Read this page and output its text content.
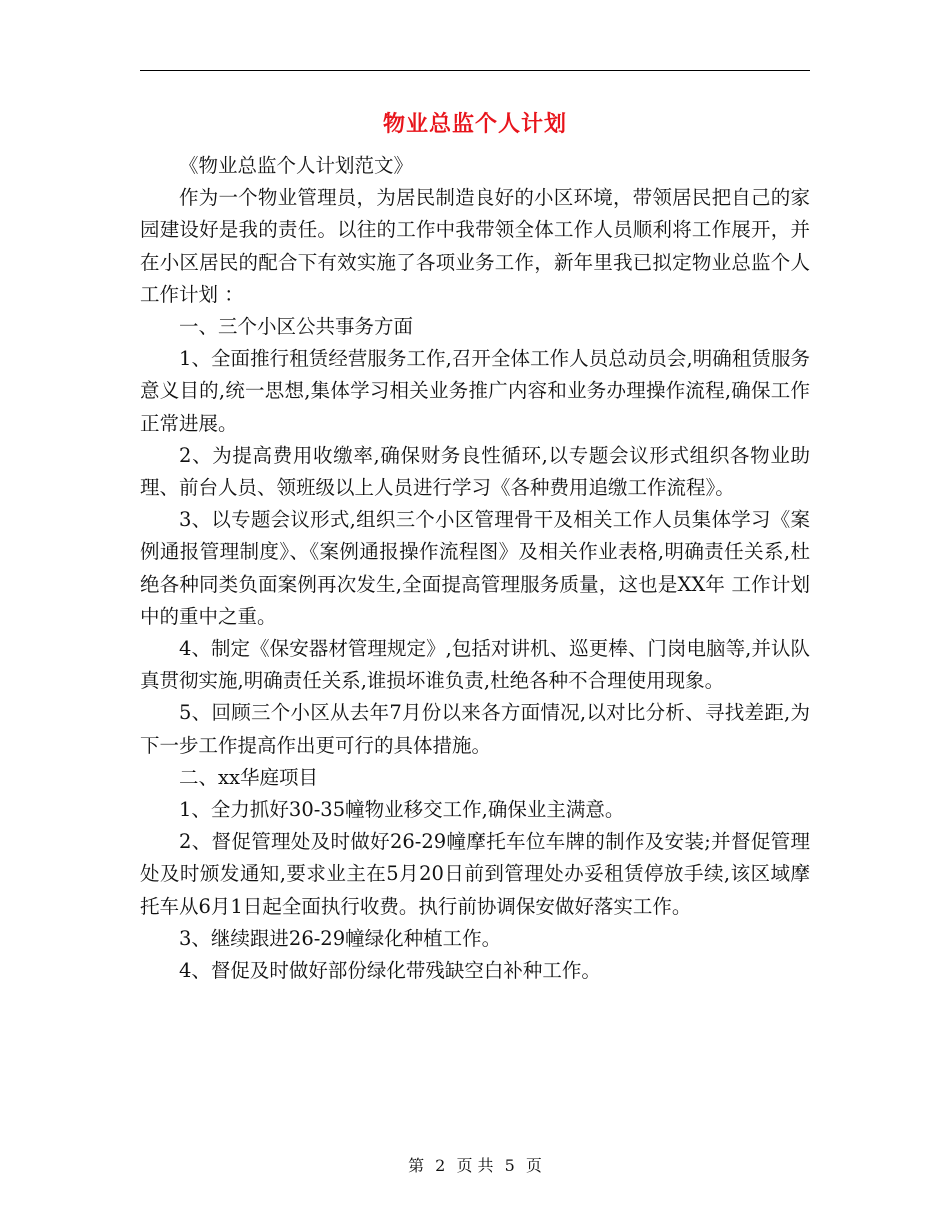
物业总监个人计划

《物业总监个人计划范文》

作为一个物业管理员，为居民制造良好的小区环境，带领居民把自己的家园建设好是我的责任。以往的工作中我带领全体工作人员顺利将工作展开，并在小区居民的配合下有效实施了各项业务工作，新年里我已拟定物业总监个人工作计划 ：

一、三个小区公共事务方面

1、全面推行租赁经营服务工作,召开全体工作人员总动员会,明确租赁服务意义目的,统一思想,集体学习相关业务推广内容和业务办理操作流程,确保工作正常进展。

2、为提高费用收缴率,确保财务良性循环,以专题会议形式组织各物业助理、前台人员、领班级以上人员进行学习《各种费用追缴工作流程》。

3、以专题会议形式,组织三个小区管理骨干及相关工作人员集体学习《案例通报管理制度》、《案例通报操作流程图》及相关作业表格,明确责任关系,杜绝各种同类负面案例再次发生,全面提高管理服务质量，这也是XX年 工作计划 中的重中之重。

4、制定《保安器材管理规定》,包括对讲机、巡更棒、门岗电脑等,并认队真贯彻实施,明确责任关系,谁损坏谁负责,杜绝各种不合理使用现象。

5、回顾三个小区从去年7月份以来各方面情况,以对比分析、寻找差距,为下一步工作提高作出更可行的具体措施。

二、xx华庭项目

1、全力抓好30-35幢物业移交工作,确保业主满意。

2、督促管理处及时做好26-29幢摩托车位车牌的制作及安装;并督促管理处及时颁发通知,要求业主在5月20日前到管理处办妥租赁停放手续,该区域摩托车从6月1日起全面执行收费。执行前协调保安做好落实工作。

3、继续跟进26-29幢绿化种植工作。

4、督促及时做好部份绿化带残缺空白补种工作。

第 2 页 共 5 页
